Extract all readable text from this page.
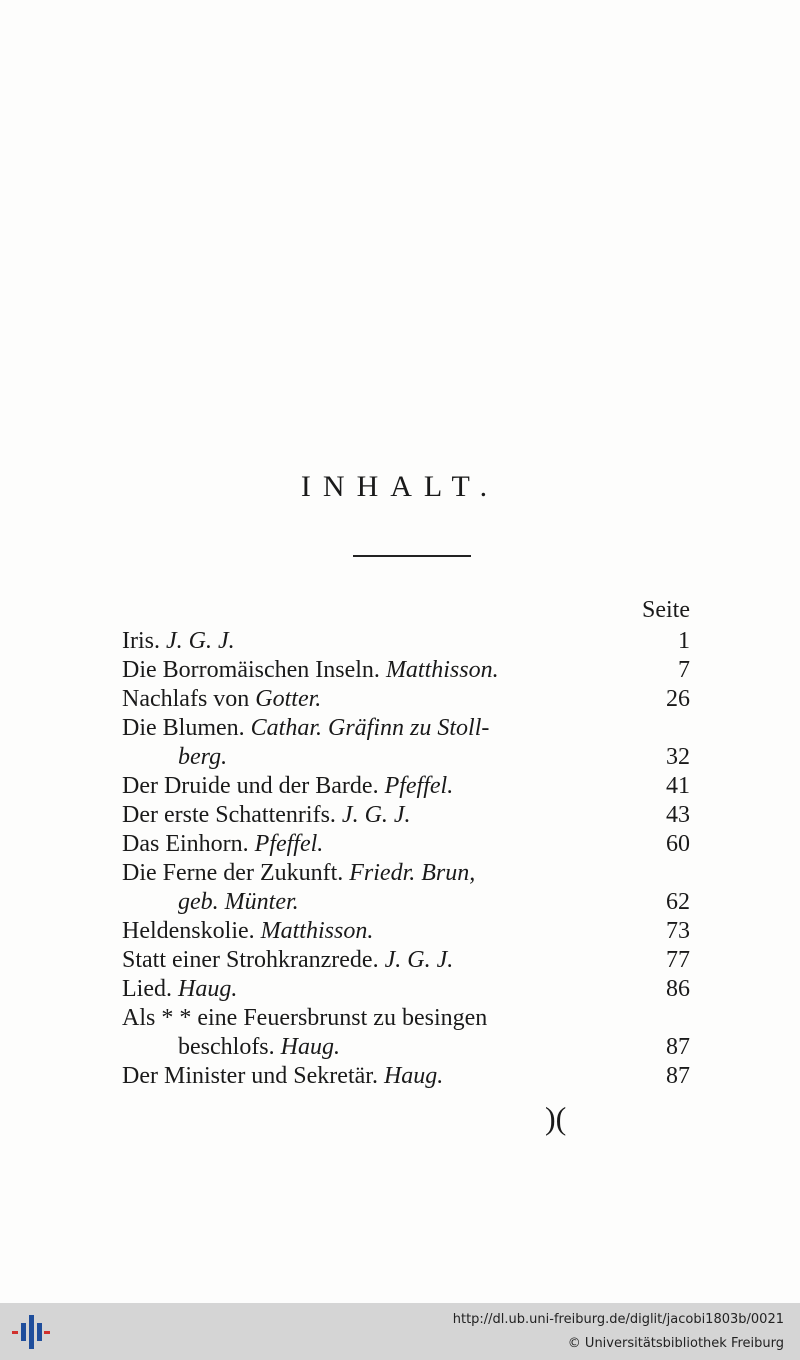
INHALT.
Seite
Iris. J. G. J.	1
Die Borromäischen Inseln. Matthisson.	7
Nachlafs von Gotter.	26
Die Blumen. Cathar. Gräfinn zu Stoll-
berg.	32
Der Druide und der Barde. Pfeffel.	41
Der erste Schattenrifs. J. G. J.	43
Das Einhorn. Pfeffel.	60
Die Ferne der Zukunft. Friedr. Brun,
geb. Münter.	62
Heldenskolie. Matthisson.	73
Statt einer Strohkranzrede. J. G. J.	77
Lied. Haug.	86
Als * * eine Feuersbrunst zu besingen
beschlofs. Haug.	87
Der Minister und Sekretär. Haug.	87
)(
http://dl.ub.uni-freiburg.de/diglit/jacobi1803b/0021
© Universitätsbibliothek Freiburg
